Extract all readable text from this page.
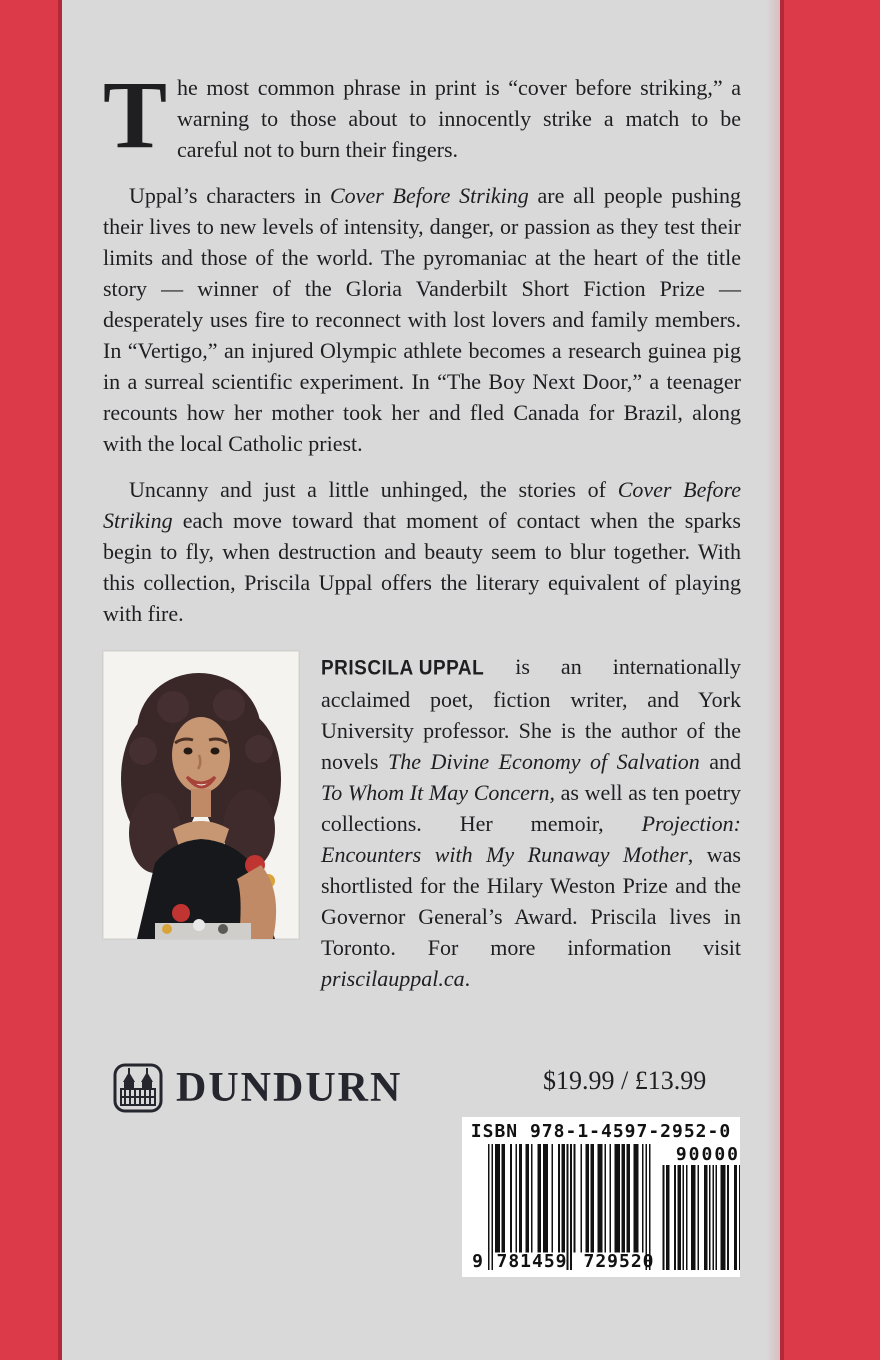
The most common phrase in print is “cover before striking,” a warning to those about to innocently strike a match to be careful not to burn their fingers.

Uppal’s characters in Cover Before Striking are all people pushing their lives to new levels of intensity, danger, or passion as they test their limits and those of the world. The pyromaniac at the heart of the title story — winner of the Gloria Vanderbilt Short Fiction Prize — desperately uses fire to reconnect with lost lovers and family members. In “Vertigo,” an injured Olympic athlete becomes a research guinea pig in a surreal scientific experiment. In “The Boy Next Door,” a teenager recounts how her mother took her and fled Canada for Brazil, along with the local Catholic priest.

Uncanny and just a little unhinged, the stories of Cover Before Striking each move toward that moment of contact when the sparks begin to fly, when destruction and beauty seem to blur together. With this collection, Priscila Uppal offers the literary equivalent of playing with fire.

PRISCILA UPPAL is an internationally acclaimed poet, fiction writer, and York University professor. She is the author of the novels The Divine Economy of Salvation and To Whom It May Concern, as well as ten poetry collections. Her memoir, Projection: Encounters with My Runaway Mother, was shortlisted for the Hilary Weston Prize and the Governor General’s Award. Priscila lives in Toronto. For more information visit priscilauppal.ca.
DUNDURN	$19.99 / £13.99
ISBN 978-1-4597-2952-0
9 781459 729520
90000
